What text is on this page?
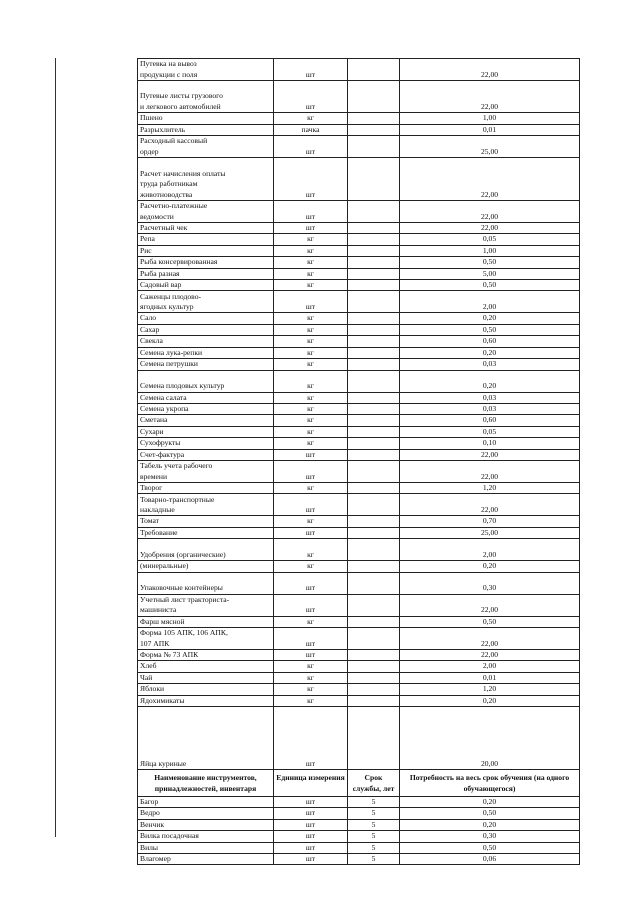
Путевка на вывоз
продукции с поля	шт		22,00

Путевые листы грузового
и легкового автомобилей	шт		22,00

Пшено	кг		1,00

Разрыхлитель	пачка		0,01

Расходный кассовый
ордер	шт		25,00

Расчет начисления оплаты
труда работникам
животноводства	шт		22,00

Расчетно-платежные
ведомости	шт		22,00

Расчетный чек	шт		22,00

Репа	кг		0,05

Рис	кг		1,00

Рыба консервированная	кг		0,50

Рыба разная	кг		5,00

Садовый вар	кг		0,50

Саженцы плодово-
ягодных культур	шт		2,00

Сало	кг		0,20

Сахар	кг		0,50

Свекла	кг		0,60

Семена лука-репки	кг		0,20

Семена петрушки	кг		0,03

Семена плодовых культур	кг		0,20

Семена салата	кг		0,03

Семена укропа	кг		0,03

Сметана	кг		0,60

Сухари	кг		0,05

Сухофрукты	кг		0,10

Счет-фактура	шт		22,00

Табель учета рабочего
времени	шт		22,00

Творог	кг		1,20

Товарно-транспортные
накладные	шт		22,00

Томат	кг		0,70

Требование	шт		25,00

Удобрения (органические)	кг		2,00

(минеральные)	кг		0,20

Упаковочные контейнеры	шт		0,30

Учетный лист тракториста-
машиниста	шт		22,00

Фарш мясной	кг		0,50

Форма 105 АПК, 106 АПК,
107 АПК	шт		22,00

Форма № 73 АПК	шт		22,00

Хлеб	кг		2,00

Чай	кг		0,01

Яблоки	кг		1,20

Ядохимикаты	кг		0,20

Яйца куриные	шт		20,00
Наименование инструментов, принадлежностей, инвентаря	Единица измерения	Срок службы, лет	Потребность на весь срок обучения (на одного обучающегося)

Багор	шт	5	0,20

Ведро	шт	5	0,50

Венчик	шт	5	0,20

Вилка посадочная	шт	5	0,30

Вилы	шт	5	0,50

Влагомер	шт	5	0,06
